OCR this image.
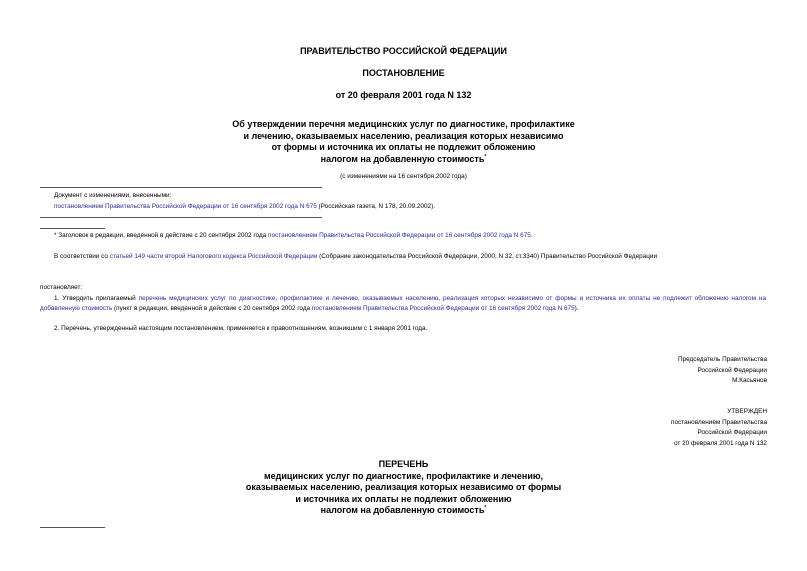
ПРАВИТЕЛЬСТВО РОССИЙСКОЙ ФЕДЕРАЦИИ
ПОСТАНОВЛЕНИЕ
от 20 февраля 2001 года N 132
Об утверждении перечня медицинских услуг по диагностике, профилактике
и лечению, оказываемых населению, реализация которых независимо
от формы и источника их оплаты не подлежит обложению
налогом на добавленную стоимость*
(с изменениями на 16 сентября 2002 года)
Документ с изменениями, внесенными:
постановлением Правительства Российской Федерации от 16 сентября 2002 года N 675 (Российская газета, N 178, 20.09.2002).
* Заголовок в редакции, введенной в действие с 20 сентября 2002 года постановлением Правительства Российской Федерации от 16 сентября 2002 года N 675.
В соответствии со статьей 149 части второй Налогового кодекса Российской Федерации (Собрание законодательства Российской Федерации, 2000, N 32, ст.3340) Правительство Российской Федерации
постановляет:
1. Утвердить прилагаемый перечень медицинских услуг по диагностике, профилактике и лечению, оказываемых населению, реализация которых независимо от формы и источника их оплаты не подлежит обложению налогом на добавленную стоимость (пункт в редакции, введенной в действие с 20 сентября 2002 года постановлением Правительства Российской Федерации от 16 сентября 2002 года N 675).
2. Перечень, утвержденный настоящим постановлением, применяется к правоотношениям, возникшим с 1 января 2001 года.
Председатель Правительства
Российской Федерации
М.Касьянов
УТВЕРЖДЕН
постановлением Правительства
Российской Федерации
от 20 февраля 2001 года N 132
ПЕРЕЧЕНЬ
медицинских услуг по диагностике, профилактике и лечению,
оказываемых населению, реализация которых независимо от формы
и источника их оплаты не подлежит обложению
налогом на добавленную стоимость*
